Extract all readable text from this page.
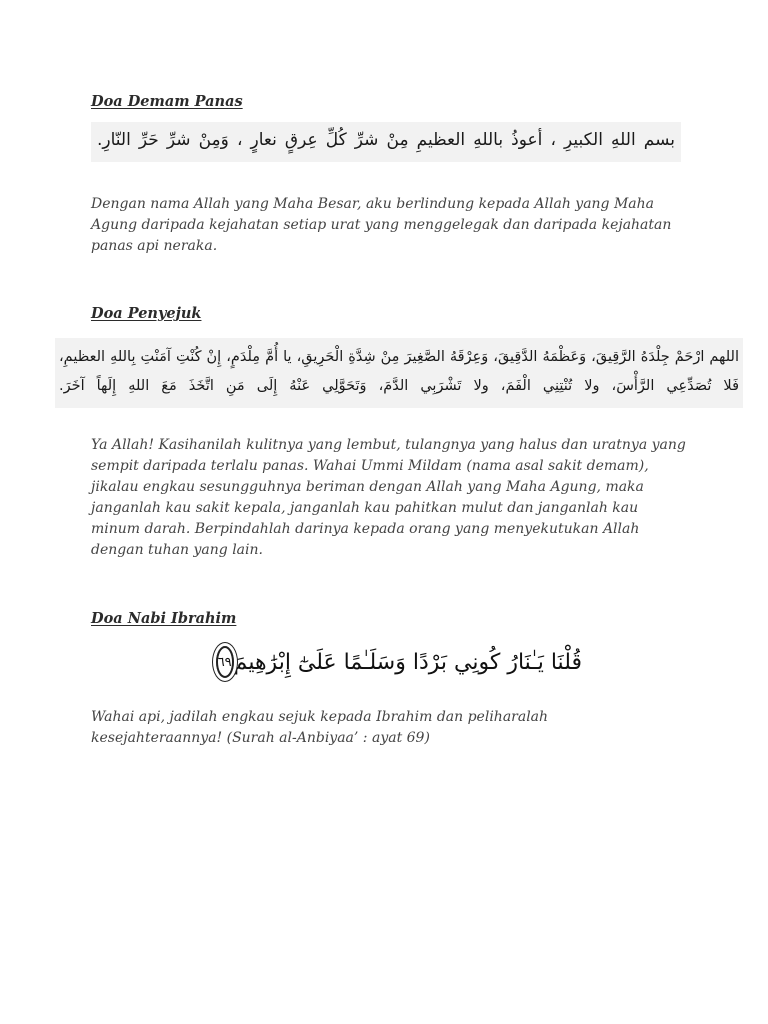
Doa Demam Panas
بسم اللهِ الكبيرِ ، أعوذُ باللهِ العظيمِ مِنْ شرِّ كُلِّ عِرقٍ نعارٍ ، وَمِنْ شرِّ حَرِّ النّارِ.

Dengan nama Allah yang Maha Besar, aku berlindung kepada Allah yang Maha Agung daripada kejahatan setiap urat yang menggelegak dan daripada kejahatan panas api neraka.

Doa Penyejuk
اللهم ارْحَمْ جِلْدَهُ الرَّقِيقَ، وَعَظْمَهُ الدَّقِيقَ، وَعِرْقَهُ الصَّغِيرَ مِنْ شِدَّةِ الْحَرِيقِ، يا أُمَّ مِلْدَمٍ، إِنْ كُنْتِ آمَنْتِ بِاللهِ العظيمِ،
فَلا تُصَدِّعِي الرَّأْسَ، ولا تُنْتِنِي الْفَمَ، ولا تَشْرَبِي الدَّمَ، وَتَحَوَّلِي عَنْهُ إِلَى مَنِ اتَّخَذَ مَعَ اللهِ إِلَهاً آخَرَ.

Ya Allah! Kasihanilah kulitnya yang lembut, tulangnya yang halus dan uratnya yang sempit daripada terlalu panas. Wahai Ummi Mildam (nama asal sakit demam), jikalau engkau sesungguhnya beriman dengan Allah yang Maha Agung, maka janganlah kau sakit kepala, janganlah kau pahitkan mulut dan janganlah kau minum darah. Berpindahlah darinya kepada orang yang menyekutukan Allah dengan tuhan yang lain.

Doa Nabi Ibrahim
قُلْنَا يَـٰنَارُ كُونِي بَرْدًا وَسَلَـٰمًا عَلَىٰٓ إِبْرَٰهِيمَ
٦٩

Wahai api, jadilah engkau sejuk kepada Ibrahim dan peliharalah kesejahteraannya! (Surah al-Anbiyaa’ : ayat 69)
